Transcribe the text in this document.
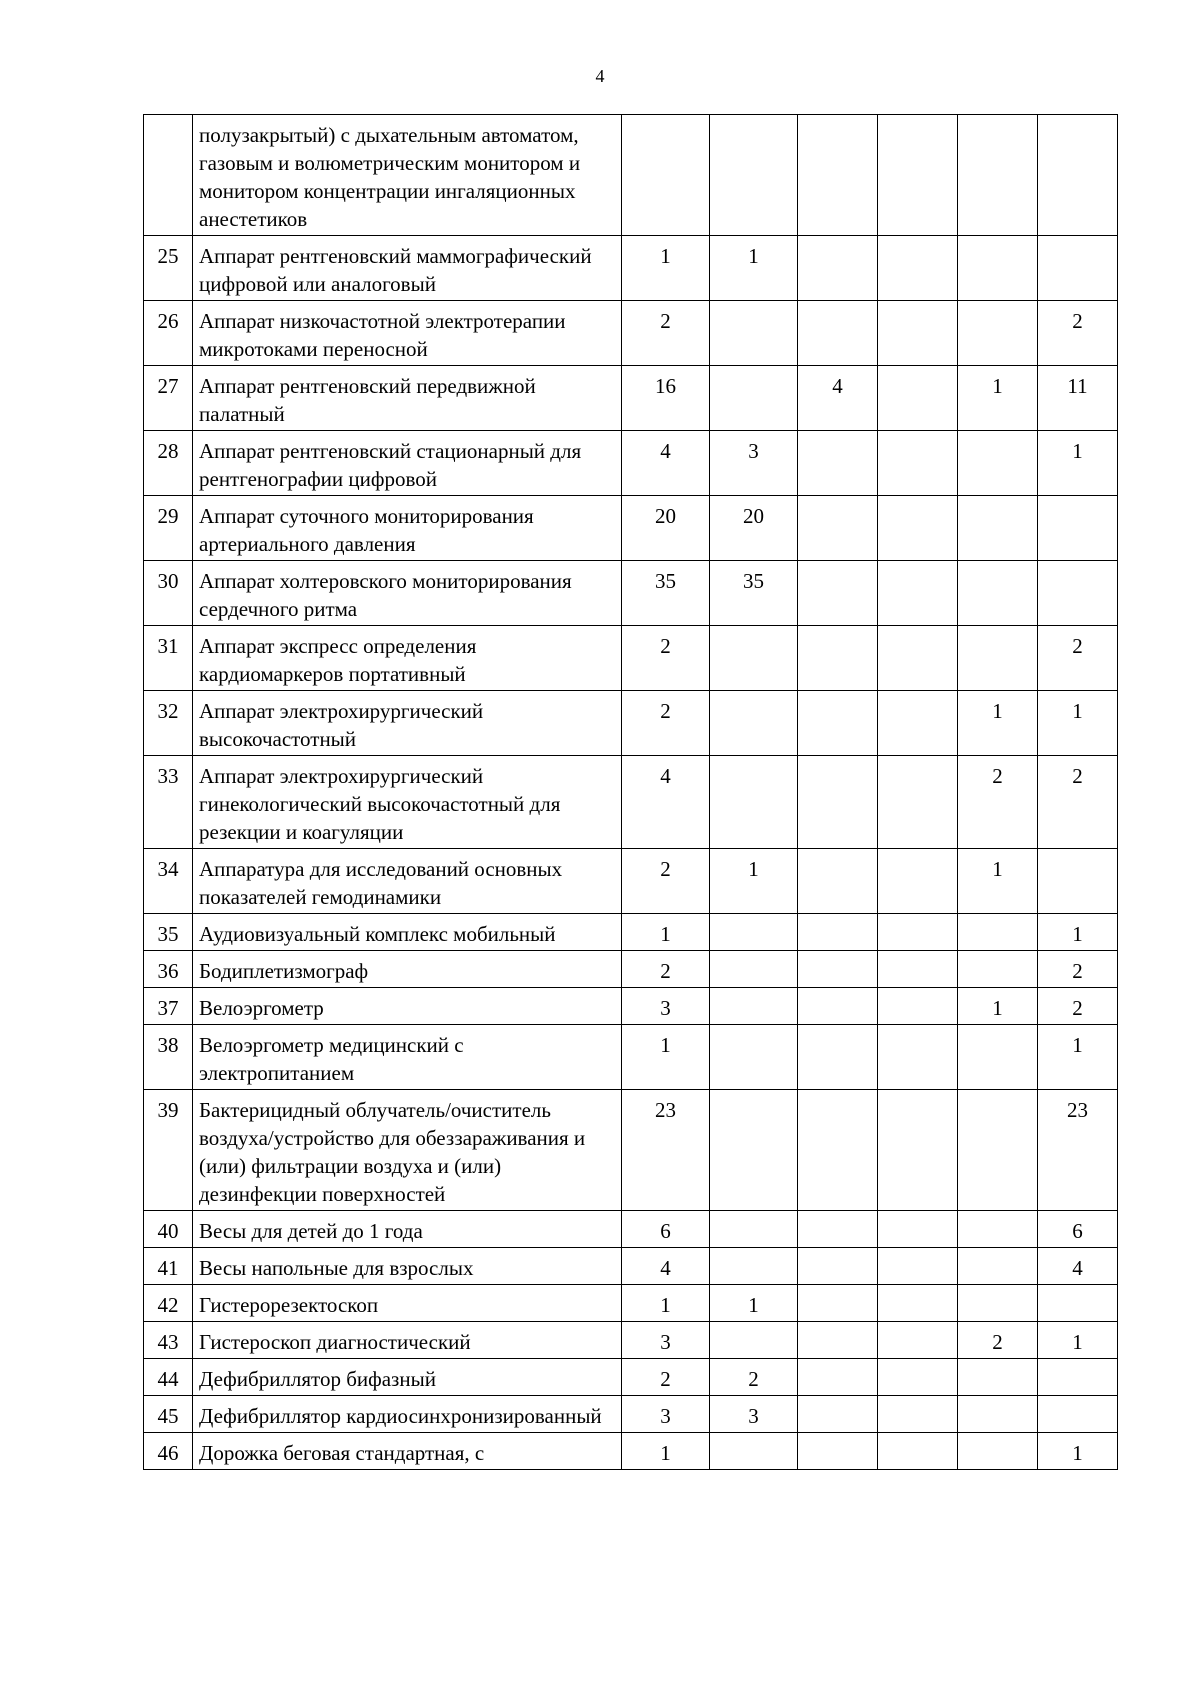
4
	полузакрытый) с дыхательным автоматом, газовым и волюметрическим монитором и монитором концентрации ингаляционных анестетиков						
25	Аппарат рентгеновский маммографический цифровой или аналоговый	1	1				
26	Аппарат низкочастотной электротерапии микротоками переносной	2					2
27	Аппарат рентгеновский передвижной палатный	16		4		1	11
28	Аппарат рентгеновский стационарный для рентгенографии цифровой	4	3				1
29	Аппарат суточного мониторирования артериального давления	20	20				
30	Аппарат холтеровского мониторирования сердечного ритма	35	35				
31	Аппарат экспресс определения кардиомаркеров портативный	2					2
32	Аппарат электрохирургический высокочастотный	2				1	1
33	Аппарат электрохирургический гинекологический высокочастотный для резекции и коагуляции	4				2	2
34	Аппаратура для исследований основных показателей гемодинамики	2	1			1	
35	Аудиовизуальный комплекс мобильный	1					1
36	Бодиплетизмограф	2					2
37	Велоэргометр	3				1	2
38	Велоэргометр медицинский с электропитанием	1					1
39	Бактерицидный облучатель/очиститель воздуха/устройство для обеззараживания и (или) фильтрации воздуха и (или) дезинфекции поверхностей	23					23
40	Весы для детей до 1 года	6					6
41	Весы напольные для взрослых	4					4
42	Гистерорезектоскоп	1	1				
43	Гистероскоп диагностический	3				2	1
44	Дефибриллятор бифазный	2	2				
45	Дефибриллятор кардиосинхронизированный	3	3				
46	Дорожка беговая стандартная, с	1					1
